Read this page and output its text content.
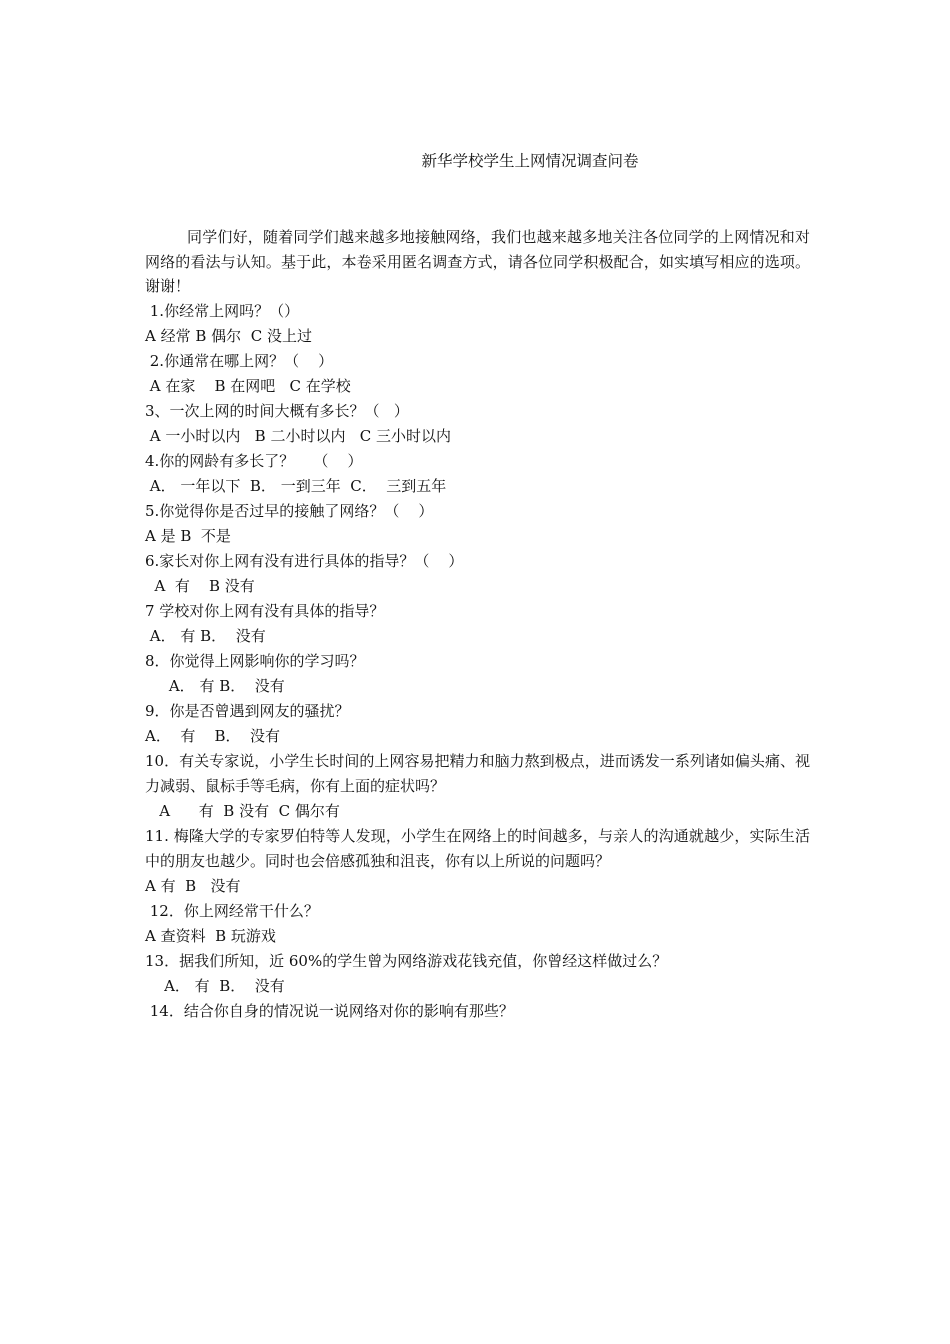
新华学校学生上网情况调查问卷

同学们好，随着同学们越来越多地接触网络，我们也越来越多地关注各位同学的上网情况和对网络的看法与认知。基于此，本卷采用匿名调查方式，请各位同学积极配合，如实填写相应的选项。谢谢！

1.你经常上网吗？（）

A 经常 B 偶尔  C 没上过

2.你通常在哪上网？（    ）

A 在家    B 在网吧   C 在学校

3、一次上网的时间大概有多长？（   ）

A 一小时以内   B 二小时以内   C 三小时以内

4.你的网龄有多长了？    （    ）

A． 一年以下  B． 一到三年  C．  三到五年

5.你觉得你是否过早的接触了网络？（    ）

A 是 B  不是

6.家长对你上网有没有进行具体的指导？（    ）

A  有    B 没有

7 学校对你上网有没有具体的指导？

A． 有 B．  没有

8．你觉得上网影响你的学习吗？

A． 有 B．  没有

9．你是否曾遇到网友的骚扰？

A．  有    B．  没有

10．有关专家说，小学生长时间的上网容易把精力和脑力熬到极点，进而诱发一系列诸如偏头痛、视力减弱、鼠标手等毛病，你有上面的症状吗？

A      有  B 没有  C 偶尔有

11. 梅隆大学的专家罗伯特等人发现，小学生在网络上的时间越多，与亲人的沟通就越少，实际生活中的朋友也越少。同时也会倍感孤独和沮丧，你有以上所说的问题吗？

A 有  B   没有

12．你上网经常干什么？

A 查资料  B 玩游戏

13．据我们所知，近 60%的学生曾为网络游戏花钱充值，你曾经这样做过么？

A． 有  B．  没有

14．结合你自身的情况说一说网络对你的影响有那些？
